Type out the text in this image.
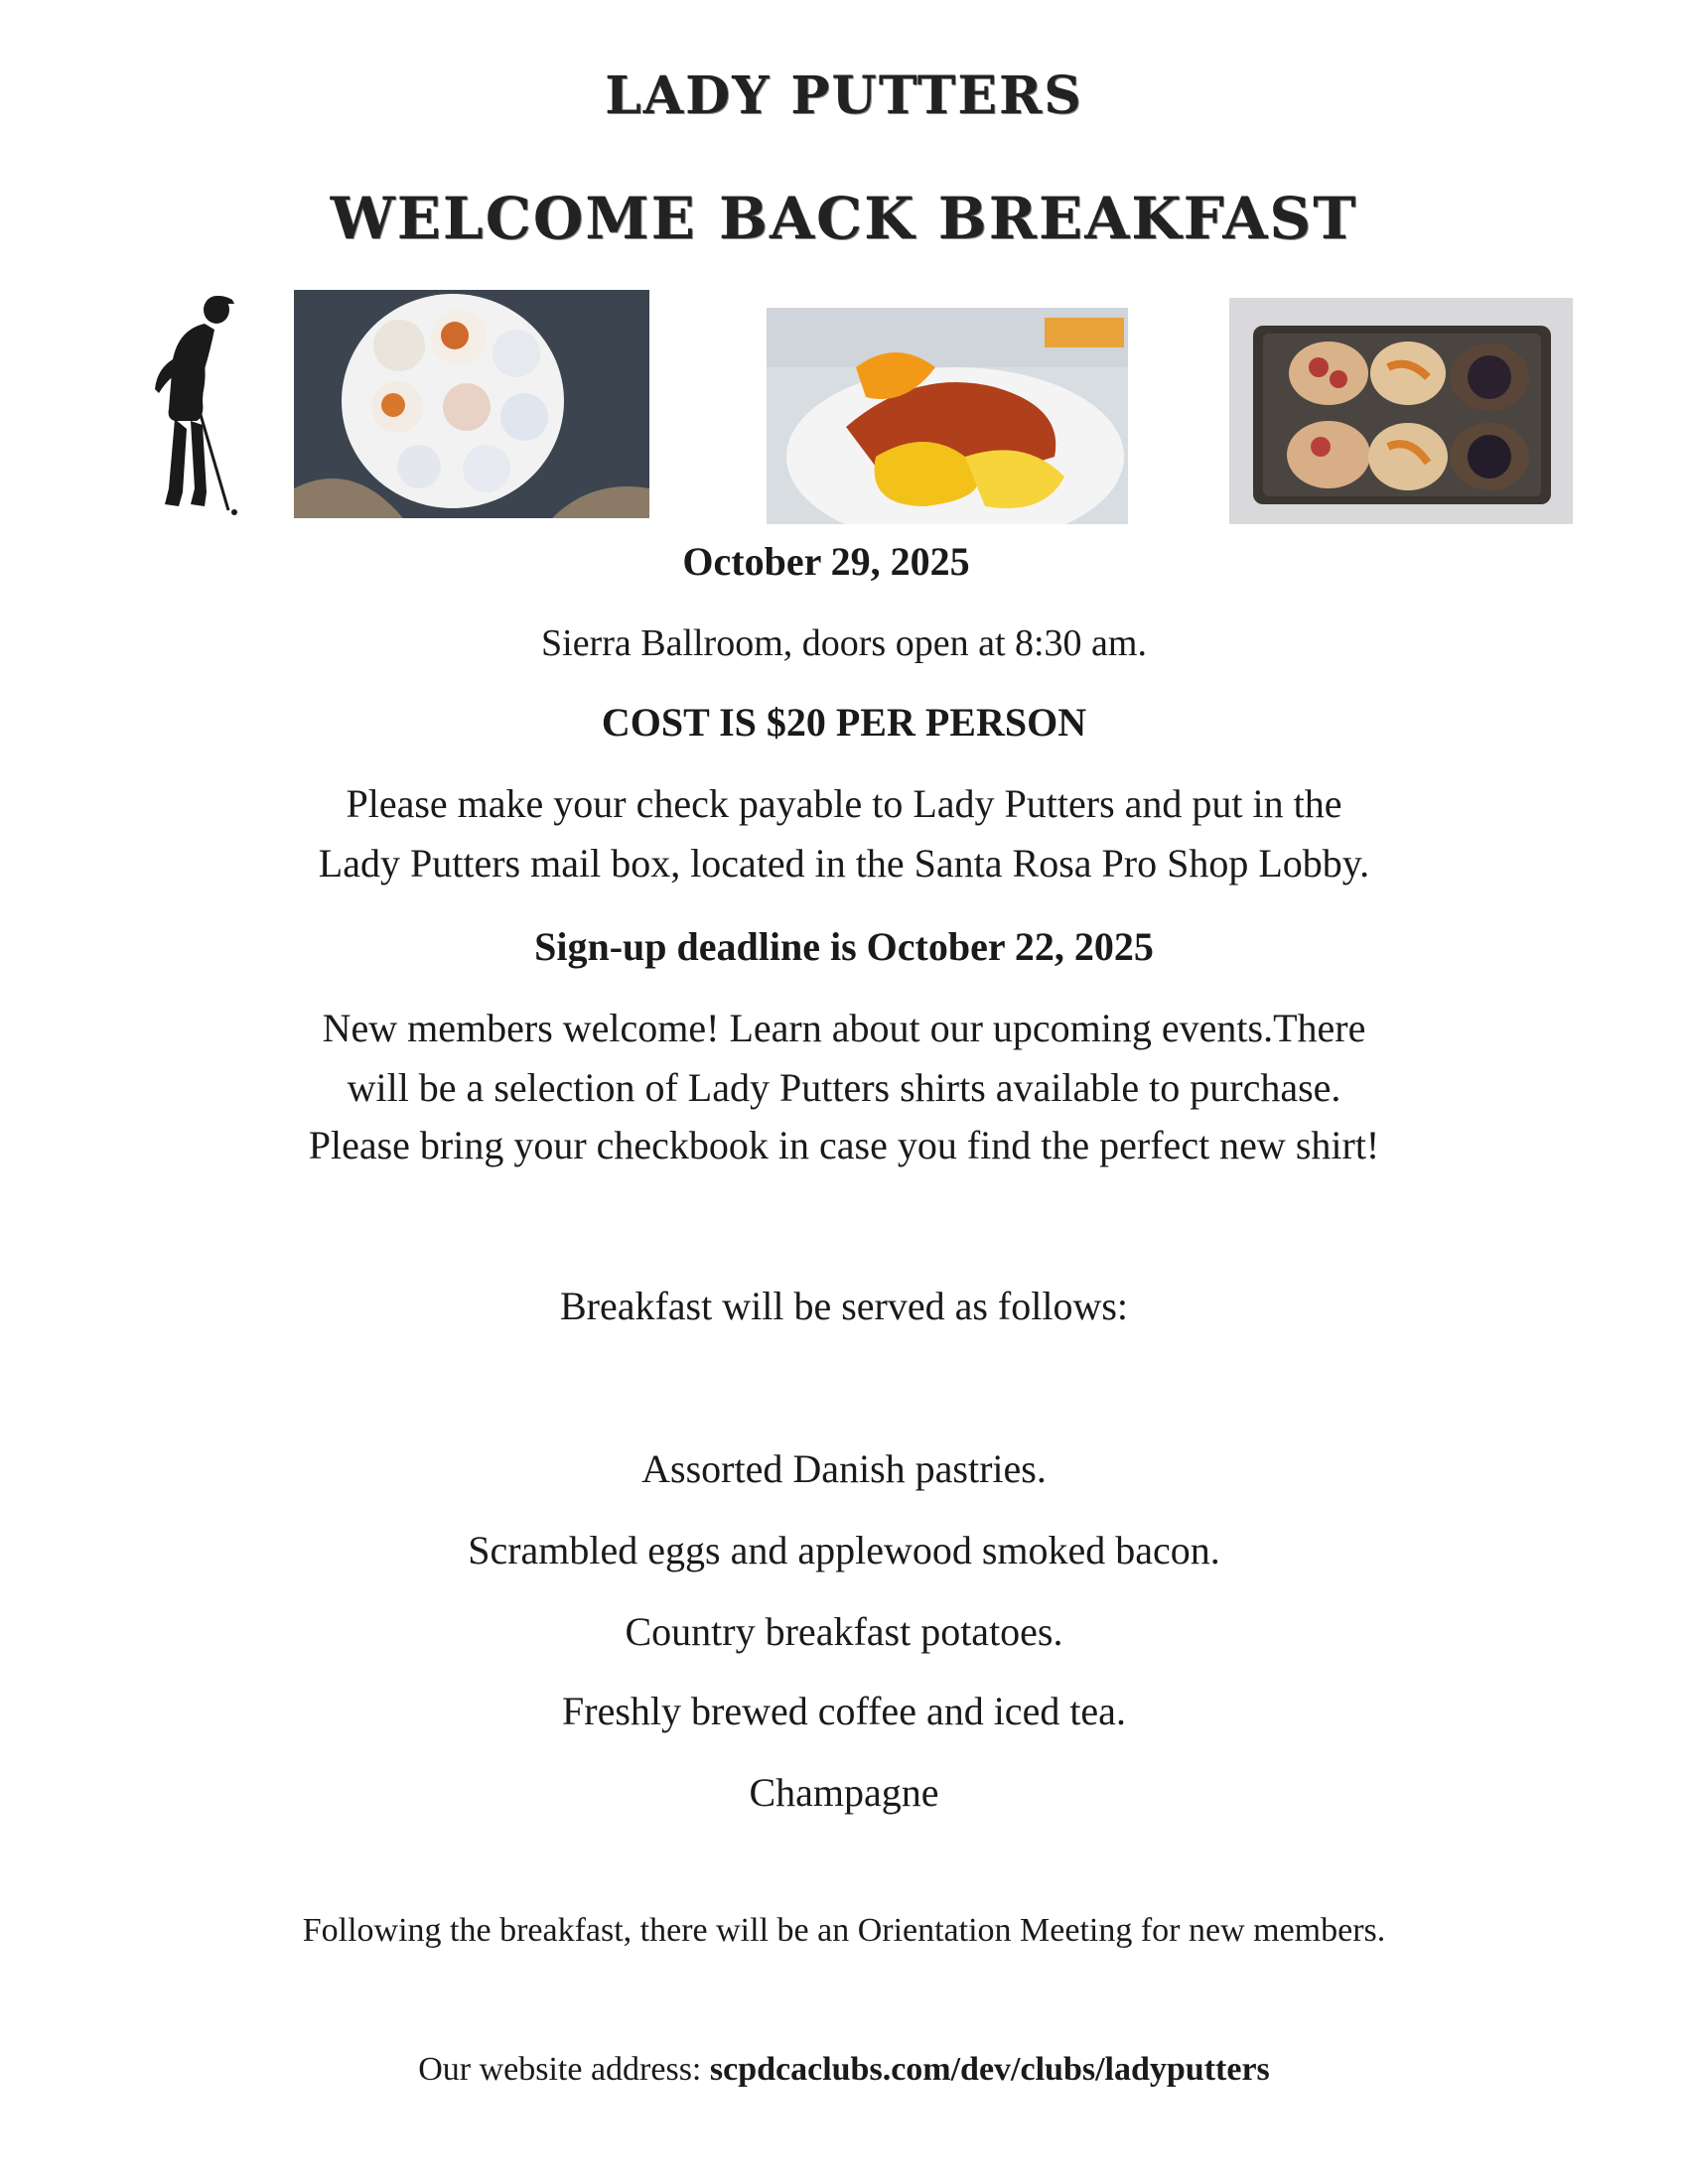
LADY PUTTERS
WELCOME BACK BREAKFAST
October 29, 2025
Sierra Ballroom, doors open at 8:30 am.
COST IS $20 PER PERSON
Please make your check payable to Lady Putters and put in the
Lady Putters mail box, located in the Santa Rosa Pro Shop Lobby.
Sign-up deadline is October 22, 2025
New members welcome! Learn about our upcoming events.There
will be a selection of Lady Putters shirts available to purchase.
Please bring your checkbook in case you find the perfect new shirt!
Breakfast will be served as follows:
Assorted Danish pastries.
Scrambled eggs and applewood smoked bacon.
Country breakfast potatoes.
Freshly brewed coffee and iced tea.
Champagne
Following the breakfast, there will be an Orientation Meeting for new members.
Our website address: scpdcaclubs.com/dev/clubs/ladyputters
